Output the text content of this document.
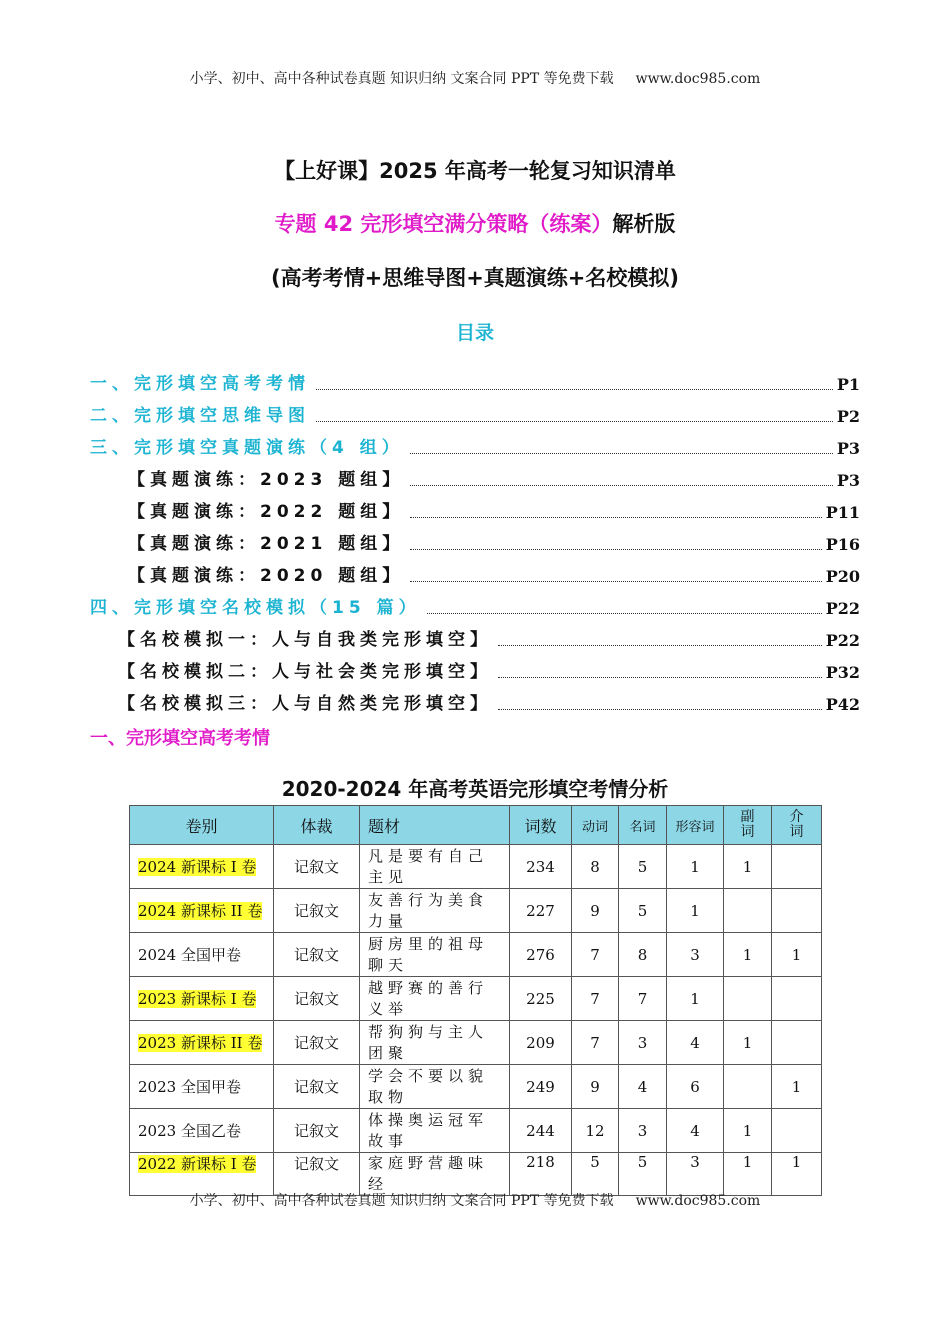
小学、初中、高中各种试卷真题 知识归纳 文案合同 PPT 等免费下载 www.doc985.com
【上好课】2025 年高考一轮复习知识清单
专题 42 完形填空满分策略（练案）解析版
(高考考情+思维导图+真题演练+名校模拟)
目录
一、完形填空高考考情	P1
二、完形填空思维导图	P2
三、完形填空真题演练（4 组）	P3
【真题演练：2023 题组】	P3
【真题演练：2022 题组】	P11
【真题演练：2021 题组】	P16
【真题演练：2020 题组】	P20
四、完形填空名校模拟（15 篇）	P22
【名校模拟一：人与自我类完形填空】	P22
【名校模拟二：人与社会类完形填空】	P32
【名校模拟三：人与自然类完形填空】	P42
一、完形填空高考考情
2020-2024 年高考英语完形填空考情分析
卷别	体裁	题材	词数	动词	名词	形容词	副词	介词
2024 新课标 I 卷	记叙文	凡是要有自己主见	234	8	5	1	1	
2024 新课标 II 卷	记叙文	友善行为美食力量	227	9	5	1		
2024 全国甲卷	记叙文	厨房里的祖母聊天	276	7	8	3	1	1
2023 新课标 I 卷	记叙文	越野赛的善行义举	225	7	7	1		
2023 新课标 II 卷	记叙文	帮狗狗与主人团聚	209	7	3	4	1	
2023 全国甲卷	记叙文	学会不要以貌取物	249	9	4	6		1
2023 全国乙卷	记叙文	体操奥运冠军故事	244	12	3	4	1	
2022 新课标 I 卷	记叙文	家庭野营趣味经	218	5	5	3	1	1
小学、初中、高中各种试卷真题 知识归纳 文案合同 PPT 等免费下载 www.doc985.com
